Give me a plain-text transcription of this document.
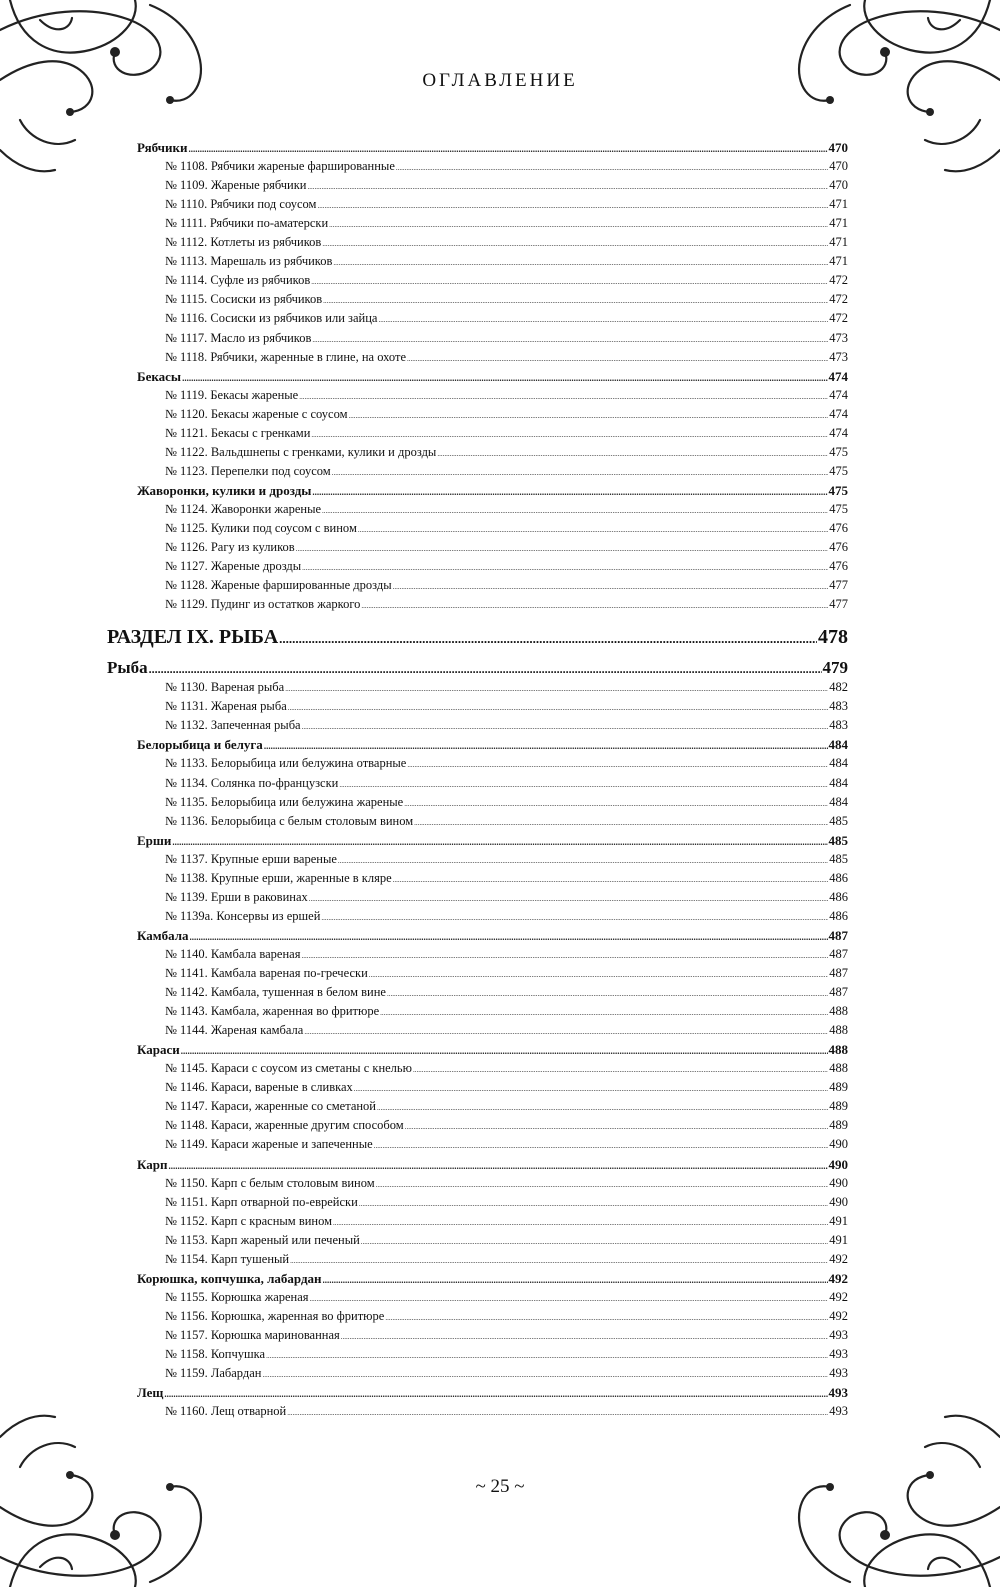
ОГЛАВЛЕНИЕ
Рябчики .....	470
№ 1108. Рябчики жареные фаршированные .....	470
№ 1109. Жареные рябчики .....	470
№ 1110. Рябчики под соусом .....	471
№ 1111. Рябчики по-аматерски .....	471
№ 1112. Котлеты из рябчиков .....	471
№ 1113. Марешаль из рябчиков .....	471
№ 1114. Суфле из рябчиков .....	472
№ 1115. Сосиски из рябчиков .....	472
№ 1116. Сосиски из рябчиков или зайца .....	472
№ 1117. Масло из рябчиков .....	473
№ 1118. Рябчики, жаренные в глине, на охоте .....	473
Бекасы .....	474
№ 1119. Бекасы жареные .....	474
№ 1120. Бекасы жареные с соусом .....	474
№ 1121. Бекасы с гренками .....	474
№ 1122. Вальдшнепы с гренками, кулики и дрозды .....	475
№ 1123. Перепелки под соусом .....	475
Жаворонки, кулики и дрозды .....	475
№ 1124. Жаворонки жареные .....	475
№ 1125. Кулики под соусом с вином .....	476
№ 1126. Рагу из куликов .....	476
№ 1127. Жареные дрозды .....	476
№ 1128. Жареные фаршированные дрозды .....	477
№ 1129. Пудинг из остатков жаркого .....	477
РАЗДЕЛ IX. РЫБА .....	478
Рыба .....	479
№ 1130. Вареная рыба .....	482
№ 1131. Жареная рыба .....	483
№ 1132. Запеченная рыба .....	483
Белорыбица и белуга .....	484
№ 1133. Белорыбица или белужина отварные .....	484
№ 1134. Солянка по-французски .....	484
№ 1135. Белорыбица или белужина жареные .....	484
№ 1136. Белорыбица с белым столовым вином .....	485
Ерши .....	485
№ 1137. Крупные ерши вареные .....	485
№ 1138. Крупные ерши, жаренные в кляре .....	486
№ 1139. Ерши в раковинах .....	486
№ 1139а. Консервы из ершей .....	486
Камбала .....	487
№ 1140. Камбала вареная .....	487
№ 1141. Камбала вареная по-гречески .....	487
№ 1142. Камбала, тушенная в белом вине .....	487
№ 1143. Камбала, жаренная во фритюре .....	488
№ 1144. Жареная камбала .....	488
Караси .....	488
№ 1145. Караси с соусом из сметаны с кнелью .....	488
№ 1146. Караси, вареные в сливках .....	489
№ 1147. Караси, жаренные со сметаной .....	489
№ 1148. Караси, жаренные другим способом .....	489
№ 1149. Караси жареные и запеченные .....	490
Карп .....	490
№ 1150. Карп с белым столовым вином .....	490
№ 1151. Карп отварной по-еврейски .....	490
№ 1152. Карп с красным вином .....	491
№ 1153. Карп жареный или печеный .....	491
№ 1154. Карп тушеный .....	492
Корюшка, копчушка, лабардан .....	492
№ 1155. Корюшка жареная .....	492
№ 1156. Корюшка, жаренная во фритюре .....	492
№ 1157. Корюшка маринованная .....	493
№ 1158. Копчушка .....	493
№ 1159. Лабардан .....	493
Лещ .....	493
№ 1160. Лещ отварной .....	493
~ 25 ~
